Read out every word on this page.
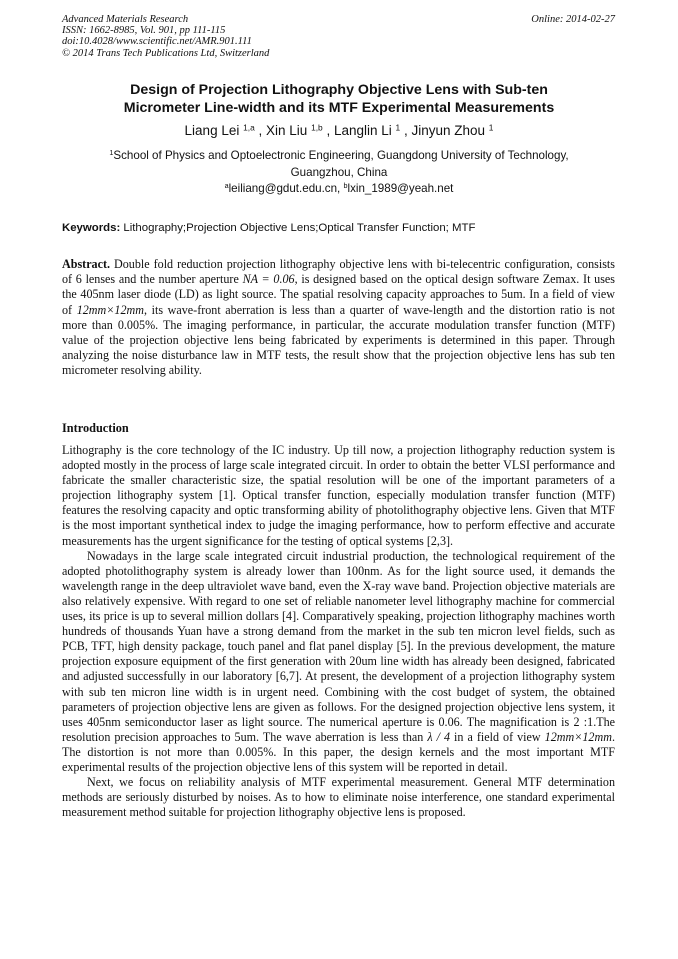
Advanced Materials Research
ISSN: 1662-8985, Vol. 901, pp 111-115
doi:10.4028/www.scientific.net/AMR.901.111
© 2014 Trans Tech Publications Ltd, Switzerland
Online: 2014-02-27
Design of Projection Lithography Objective Lens with Sub-ten
Micrometer Line-width and its MTF Experimental Measurements
Liang Lei $^{1,a}$ , Xin Liu $^{1,b}$ , Langlin Li $^1$ , Jinyun Zhou $^1$
$^1$School of Physics and Optoelectronic Engineering, Guangdong University of Technology,
Guangzhou, China
$^a$leiliang@gdut.edu.cn, $^b$lxin_1989@yeah.net
Keywords: Lithography;Projection Objective Lens;Optical Transfer Function; MTF
Abstract. Double fold reduction projection lithography objective lens with bi-telecentric configuration, consists of 6 lenses and the number aperture NA = 0.06, is designed based on the optical design software Zemax. It uses the 405nm laser diode (LD) as light source. The spatial resolving capacity approaches to 5um. In a field of view of 12mm×12mm, its wave-front aberration is less than a quarter of wave-length and the distortion ratio is not more than 0.005%. The imaging performance, in particular, the accurate modulation transfer function (MTF) value of the projection objective lens being fabricated by experiments is determined in this paper. Through analyzing the noise disturbance law in MTF tests, the result show that the projection objective lens has sub ten micrometer resolving ability.
Introduction

Lithography is the core technology of the IC industry. Up till now, a projection lithography reduction system is adopted mostly in the process of large scale integrated circuit. In order to obtain the better VLSI performance and fabricate the smaller characteristic size, the spatial resolution will be one of the important parameters of a projection lithography system [1]. Optical transfer function, especially modulation transfer function (MTF) features the resolving capacity and optic transforming ability of photolithography objective lens. Given that MTF is the most important synthetical index to judge the imaging performance, how to perform effective and accurate measurements has the urgent significance for the testing of optical systems [2,3].

Nowadays in the large scale integrated circuit industrial production, the technological requirement of the adopted photolithography system is already lower than 100nm. As for the light source used, it demands the wavelength range in the deep ultraviolet wave band, even the X-ray wave band. Projection objective materials are also relatively expensive. With regard to one set of reliable nanometer level lithography machine for commercial uses, its price is up to several million dollars [4]. Comparatively speaking, projection lithography machines worth hundreds of thousands Yuan have a strong demand from the market in the sub ten micron level fields, such as PCB, TFT, high density package, touch panel and flat panel display [5]. In the previous development, the mature projection exposure equipment of the first generation with 20um line width has already been designed, fabricated and adjusted successfully in our laboratory [6,7]. At present, the development of a projection lithography system with sub ten micron line width is in urgent need. Combining with the cost budget of system, the obtained parameters of projection objective lens are given as follows. For the designed projection objective lens system, it uses 405nm semiconductor laser as light source. The numerical aperture is 0.06. The magnification is 2 :1.The resolution precision approaches to 5um. The wave aberration is less than λ / 4 in a field of view 12mm×12mm. The distortion is not more than 0.005%. In this paper, the design kernels and the most important MTF experimental results of the projection objective lens of this system will be reported in detail.

Next, we focus on reliability analysis of MTF experimental measurement. General MTF determination methods are seriously disturbed by noises. As to how to eliminate noise interference, one standard experimental measurement method suitable for projection lithography objective lens is proposed.
